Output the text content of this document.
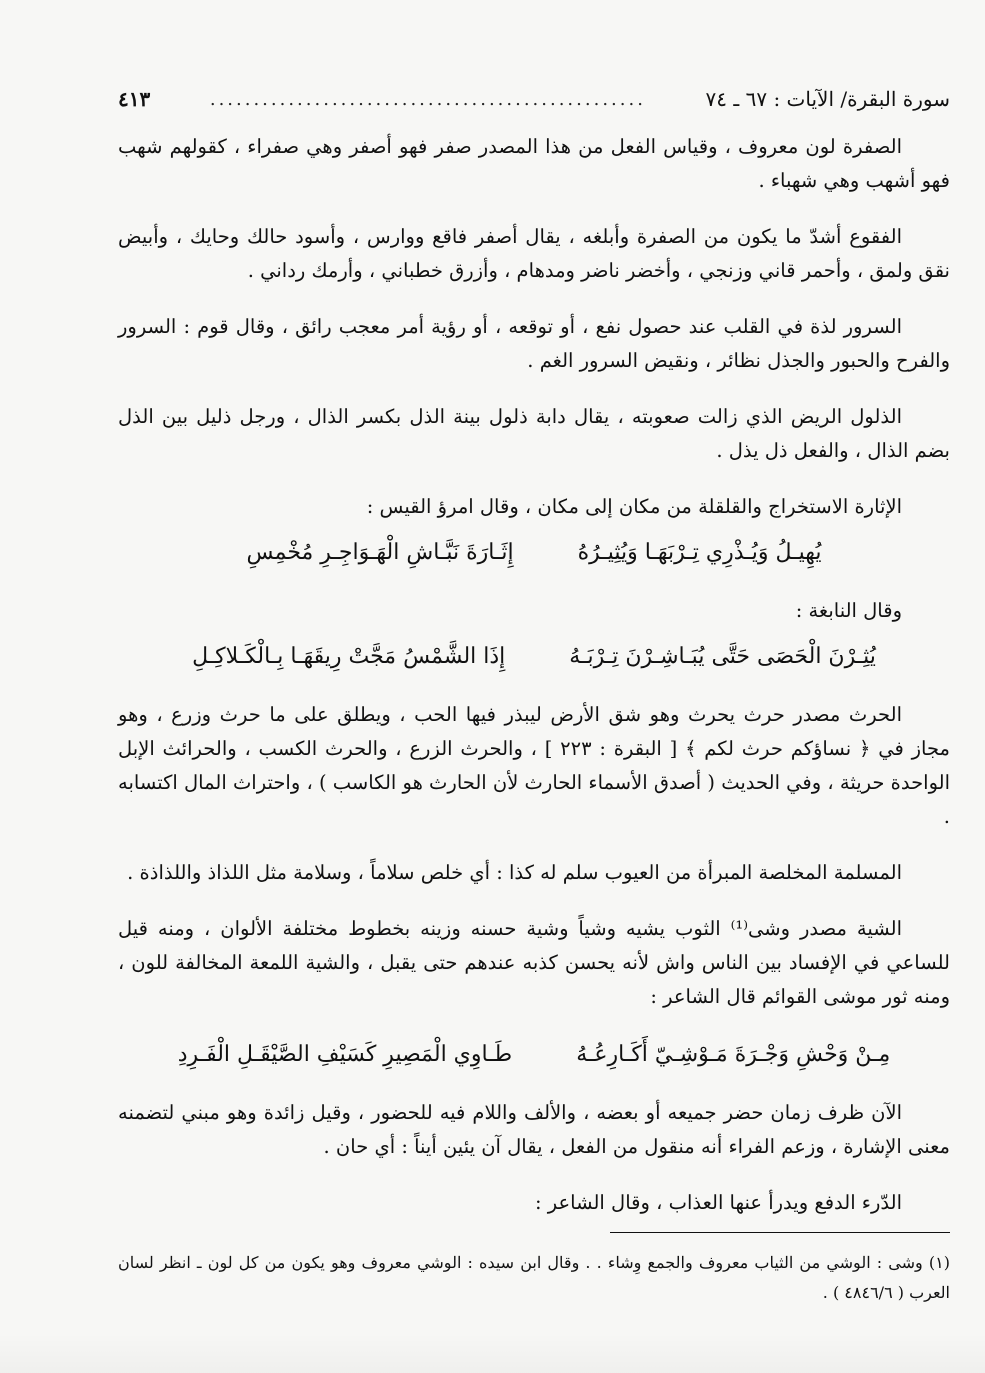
سورة البقرة/ الآيات : ٦٧ ـ ٧٤
..................................................
٤١٣

الصفرة لون معروف ، وقياس الفعل من هذا المصدر صفر فهو أصفر وهي صفراء ، كقولهم شهب فهو أشهب وهي شهباء .

الفقوع أشدّ ما يكون من الصفرة وأبلغه ، يقال أصفر فاقع ووارس ، وأسود حالك وحايك ، وأبيض نقق ولمق ، وأحمر قاني وزنجي ، وأخضر ناضر ومدهام ، وأزرق خطباني ، وأرمك رداني .

السرور لذة في القلب عند حصول نفع ، أو توقعه ، أو رؤية أمر معجب رائق ، وقال قوم : السرور والفرح والحبور والجذل نظائر ، ونقيض السرور الغم .

الذلول الريض الذي زالت صعوبته ، يقال دابة ذلول بينة الذل بكسر الذال ، ورجل ذليل بين الذل بضم الذال ، والفعل ذل يذل .

الإثارة الاستخراج والقلقلة من مكان إلى مكان ، وقال امرؤ القيس :

يُهِيـلُ وَيُـذْرِي تِـرْبَهَـا وَيُثِيـرُهُ
إِثَـارَةَ نَبَّـاشِ الْهَـوَاجِـرِ مُخْمِسِ

وقال النابغة :

يُثِـرْنَ الْحَصَى حَتَّى يُبَـاشِـرْنَ تِـرْبَـهُ
إِذَا الشَّمْسُ مَجَّتْ رِيقَهَـا بِـالْكَـلاكِـلِ

الحرث مصدر حرث يحرث وهو شق الأرض ليبذر فيها الحب ، ويطلق على ما حرث وزرع ، وهو مجاز في ﴿ نساؤكم حرث لكم ﴾ [ البقرة : ٢٢٣ ] ، والحرث الزرع ، والحرث الكسب ، والحرائث الإبل الواحدة حريثة ، وفي الحديث ( أصدق الأسماء الحارث لأن الحارث هو الكاسب ) ، واحتراث المال اكتسابه .

المسلمة المخلصة المبرأة من العيوب سلم له كذا : أي خلص سلاماً ، وسلامة مثل اللذاذ واللذاذة .

الشية مصدر وشى⁽¹⁾ الثوب يشيه وشياً وشية حسنه وزينه بخطوط مختلفة الألوان ، ومنه قيل للساعي في الإفساد بين الناس واش لأنه يحسن كذبه عندهم حتى يقبل ، والشية اللمعة المخالفة للون ، ومنه ثور موشى القوائم قال الشاعر :

مِـنْ وَحْشِ وَجْـرَةَ مَـوْشِـيّ أَكَـارِعُـهُ
طَـاوِي الْمَصِيرِ كَسَيْفِ الصَّيْقَـلِ الْفَـرِدِ

الآن ظرف زمان حضر جميعه أو بعضه ، والألف واللام فيه للحضور ، وقيل زائدة وهو مبني لتضمنه معنى الإشارة ، وزعم الفراء أنه منقول من الفعل ، يقال آن يئين أيناً : أي حان .

الدّرء الدفع ويدرأ عنها العذاب ، وقال الشاعر :

(١) وشى : الوشي من الثياب معروف والجمع وِشاء . . وقال ابن سيده : الوشي معروف وهو يكون من كل لون ـ انظر لسان العرب ( ٤٨٤٦/٦ ) .
